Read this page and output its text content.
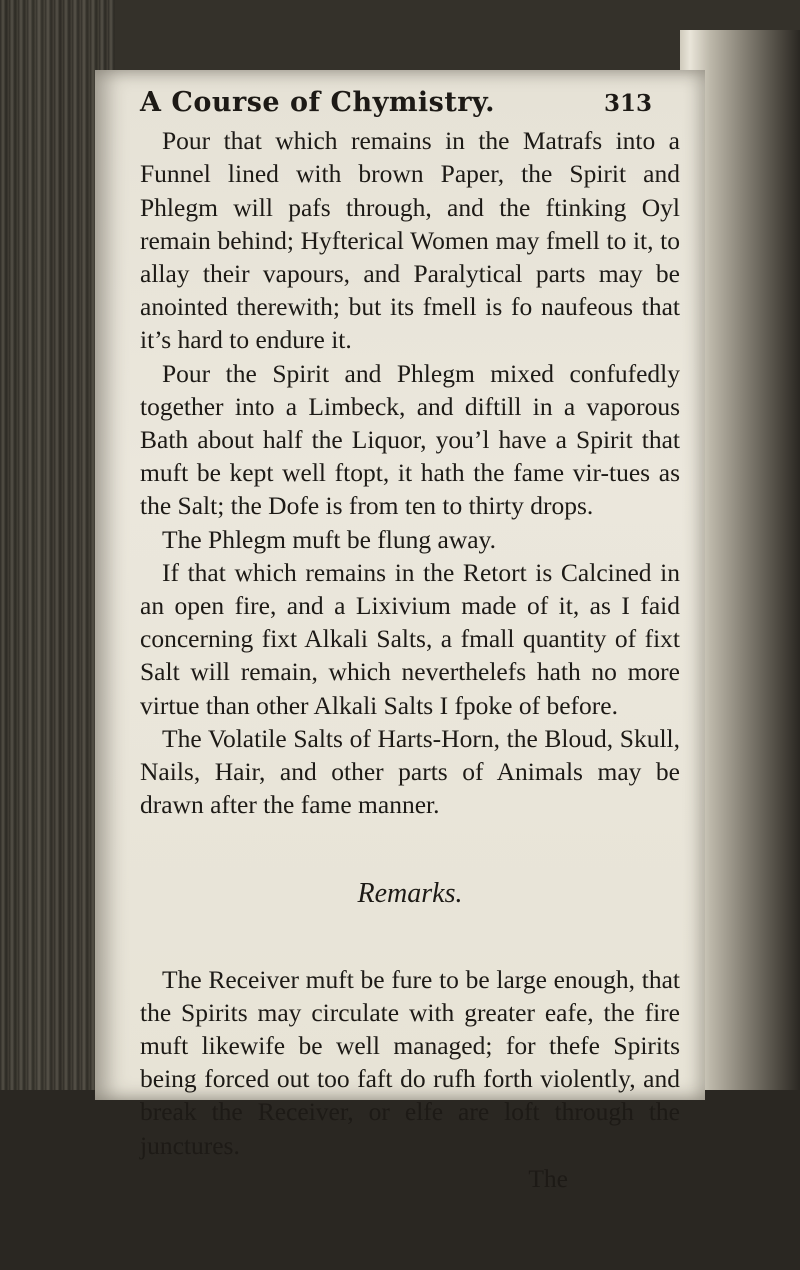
A Course of Chymistry.	313

Pour that which remains in the Matrafs into a Funnel lined with brown Paper, the Spirit and Phlegm will pafs through, and the ftinking Oyl remain behind; Hyfterical Women may fmell to it, to allay their vapours, and Paralytical parts may be anointed therewith; but its fmell is fo naufeous that it’s hard to endure it.

Pour the Spirit and Phlegm mixed confufedly together into a Limbeck, and diftill in a vaporous Bath about half the Liquor, you’l have a Spirit that muft be kept well ftopt, it hath the fame vir-tues as the Salt; the Dofe is from ten to thirty drops.

The Phlegm muft be flung away.

If that which remains in the Retort is Calcined in an open fire, and a Lixivium made of it, as I faid concerning fixt Alkali Salts, a fmall quantity of fixt Salt will remain, which neverthelefs hath no more virtue than other Alkali Salts I fpoke of before.

The Volatile Salts of Harts-Horn, the Bloud, Skull, Nails, Hair, and other parts of Animals may be drawn after the fame manner.

Remarks.

The Receiver muft be fure to be large enough, that the Spirits may circulate with greater eafe, the fire muft likewife be well managed; for thefe Spirits being forced out too faft do rufh forth violently, and break the Receiver, or elfe are loft through the junctures.

The
